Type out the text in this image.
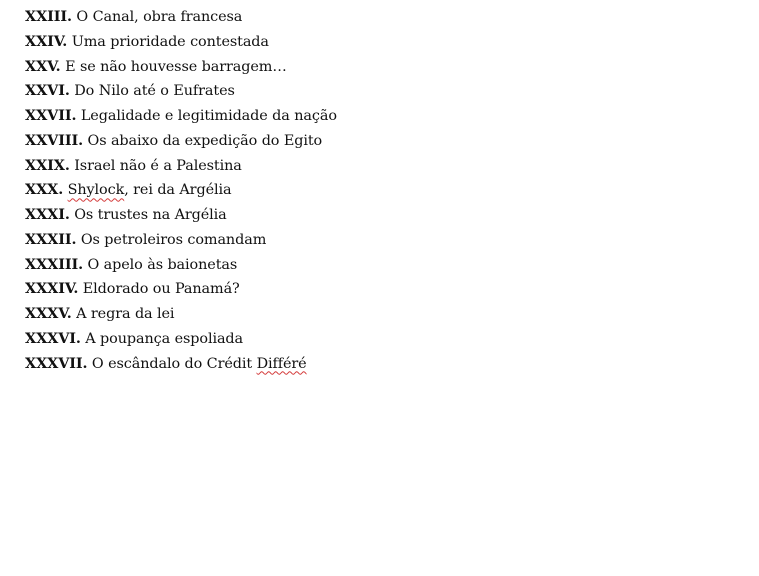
XXIII. O Canal, obra francesa
XXIV. Uma prioridade contestada
XXV. E se não houvesse barragem…
XXVI. Do Nilo até o Eufrates
XXVII. Legalidade e legitimidade da nação
XXVIII. Os abaixo da expedição do Egito
XXIX. Israel não é a Palestina
XXX. Shylock, rei da Argélia
XXXI. Os trustes na Argélia
XXXII. Os petroleiros comandam
XXXIII. O apelo às baionetas
XXXIV. Eldorado ou Panamá?
XXXV. A regra da lei
XXXVI. A poupança espoliada
XXXVII. O escândalo do Crédit Différé
